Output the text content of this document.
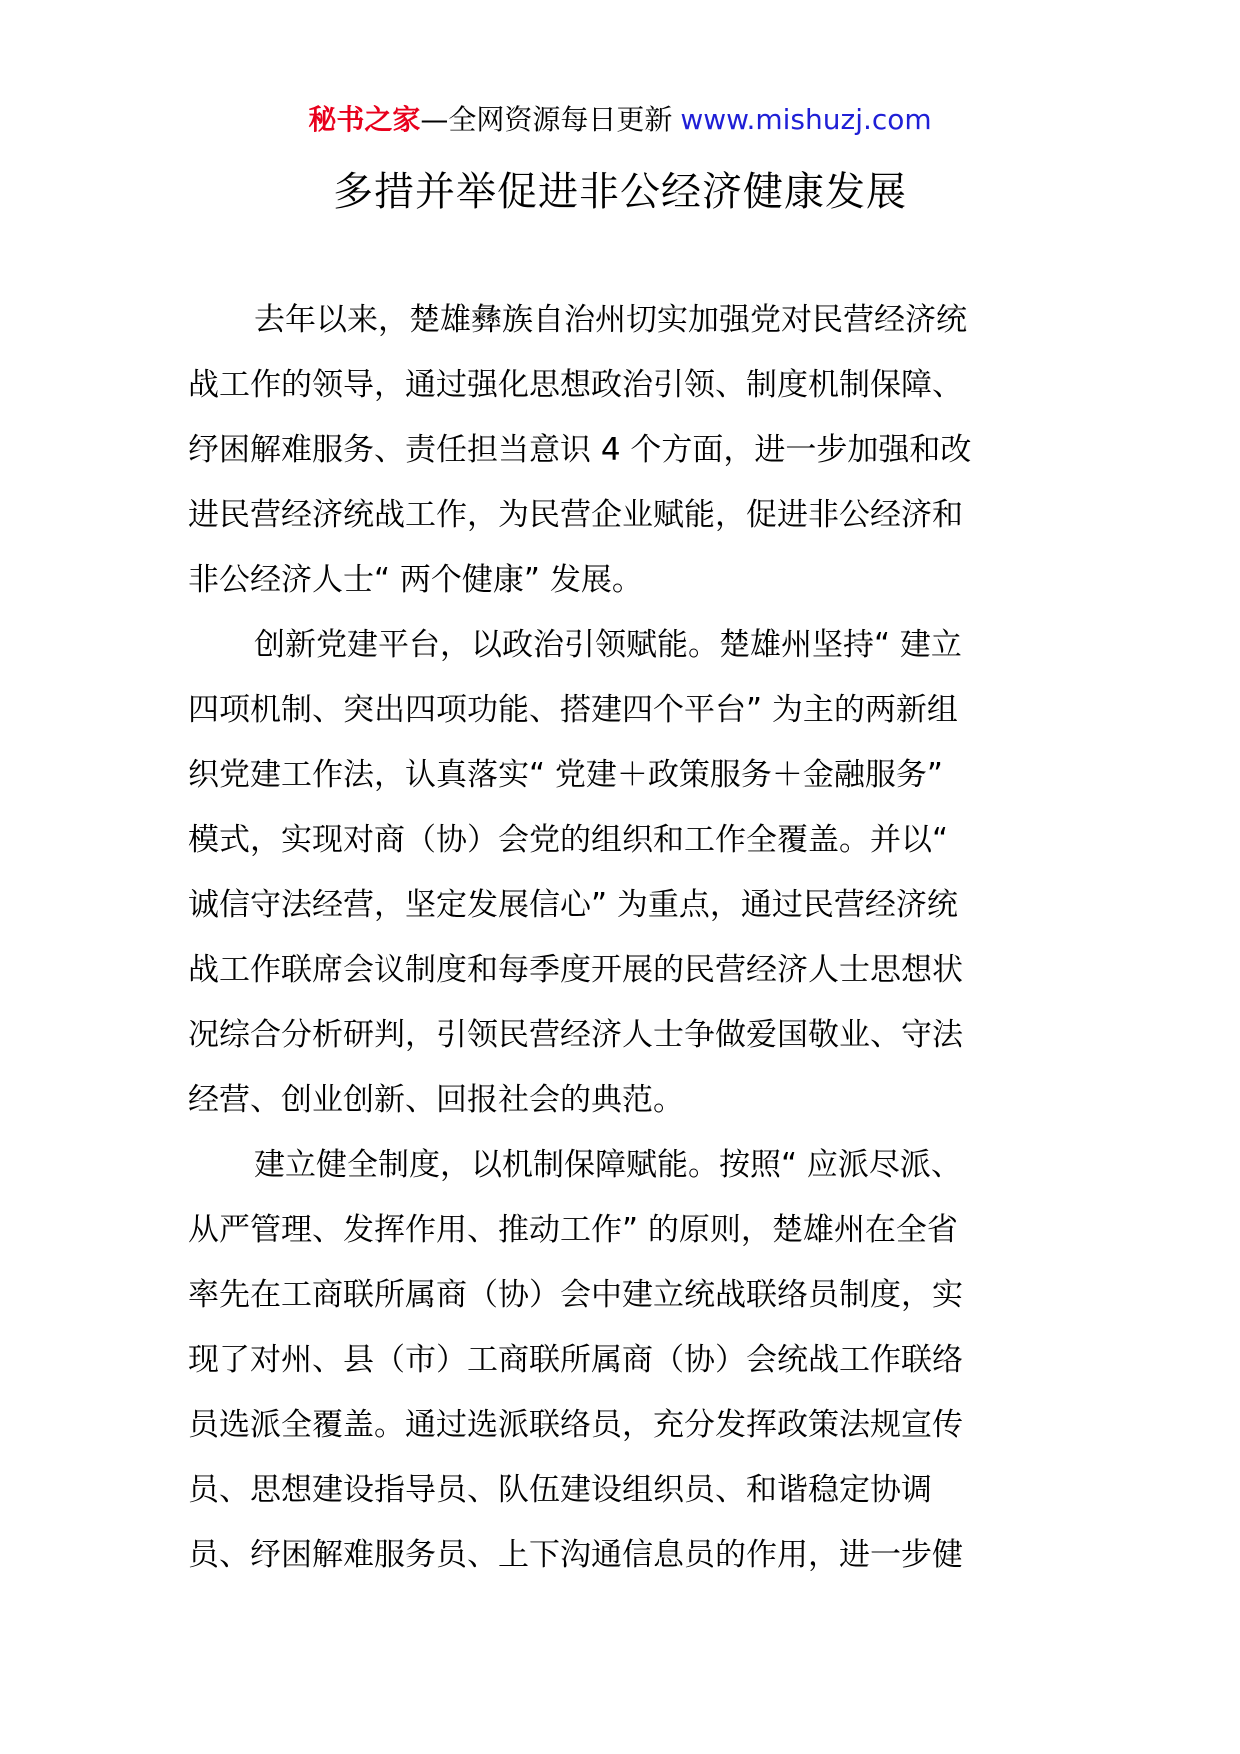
秘书之家—全网资源每日更新 www.mishuzj.com
多措并举促进非公经济健康发展

去年以来，楚雄彝族自治州切实加强党对民营经济统
战工作的领导，通过强化思想政治引领、制度机制保障、
纾困解难服务、责任担当意识 4 个方面，进一步加强和改
进民营经济统战工作，为民营企业赋能，促进非公经济和
非公经济人士“ 两个健康” 发展。

创新党建平台，以政治引领赋能。楚雄州坚持“ 建立
四项机制、突出四项功能、搭建四个平台” 为主的两新组
织党建工作法，认真落实“ 党建＋政策服务＋金融服务”
模式，实现对商（协）会党的组织和工作全覆盖。并以“
诚信守法经营，坚定发展信心” 为重点，通过民营经济统
战工作联席会议制度和每季度开展的民营经济人士思想状
况综合分析研判，引领民营经济人士争做爱国敬业、守法
经营、创业创新、回报社会的典范。

建立健全制度，以机制保障赋能。按照“ 应派尽派、
从严管理、发挥作用、推动工作” 的原则，楚雄州在全省
率先在工商联所属商（协）会中建立统战联络员制度，实
现了对州、县（市）工商联所属商（协）会统战工作联络
员选派全覆盖。通过选派联络员，充分发挥政策法规宣传
员、思想建设指导员、队伍建设组织员、和谐稳定协调
员、纾困解难服务员、上下沟通信息员的作用，进一步健
